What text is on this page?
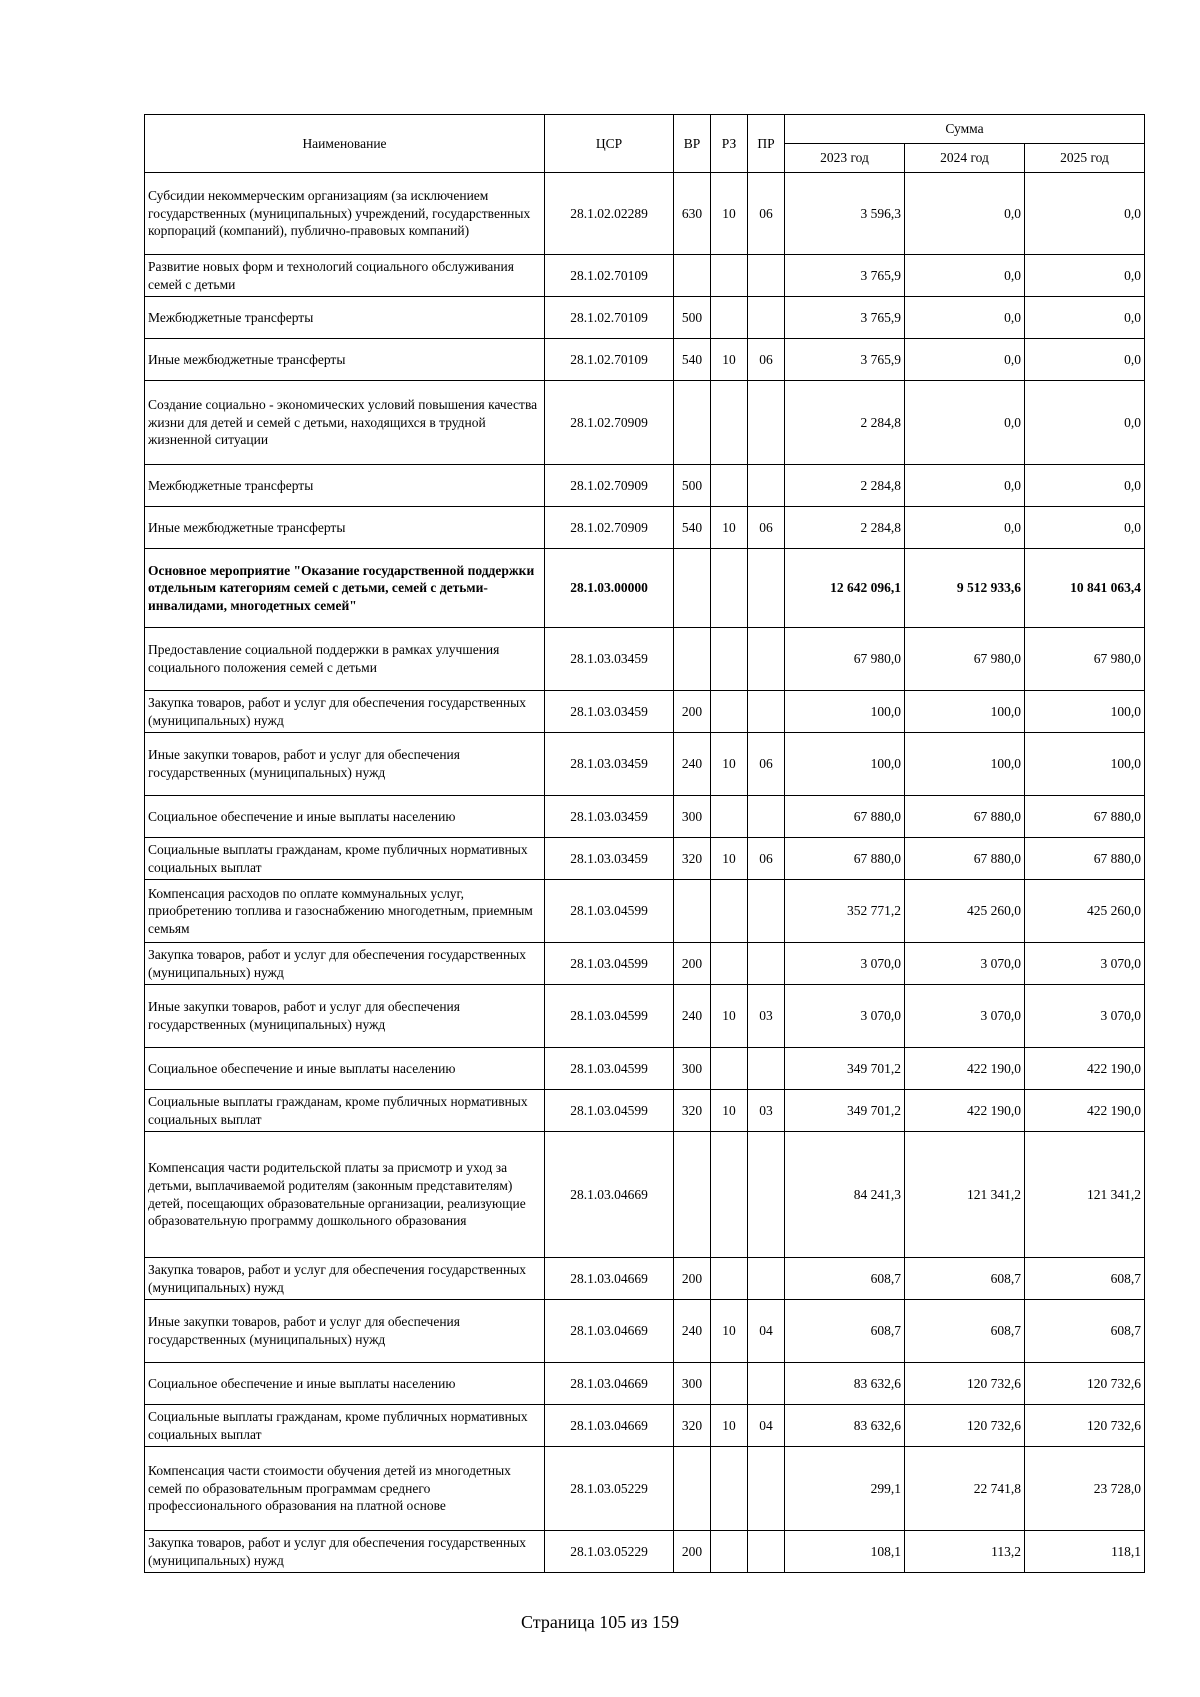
Наименование	ЦСР	ВР	РЗ	ПР	Сумма		
					2023 год	2024 год	2025 год
Субсидии некоммерческим организациям (за исключением государственных (муниципальных) учреждений, государственных корпораций (компаний), публично-правовых компаний)	28.1.02.02289	630	10	06	3 596,3	0,0	0,0
Развитие новых форм и технологий социального обслуживания семей с детьми	28.1.02.70109				3 765,9	0,0	0,0
Межбюджетные трансферты	28.1.02.70109	500			3 765,9	0,0	0,0
Иные межбюджетные трансферты	28.1.02.70109	540	10	06	3 765,9	0,0	0,0
Создание социально - экономических условий повышения качества жизни для детей и семей с детьми, находящихся в трудной жизненной ситуации	28.1.02.70909				2 284,8	0,0	0,0
Межбюджетные трансферты	28.1.02.70909	500			2 284,8	0,0	0,0
Иные межбюджетные трансферты	28.1.02.70909	540	10	06	2 284,8	0,0	0,0
Основное мероприятие "Оказание государственной поддержки отдельным категориям семей с детьми, семей с детьми-инвалидами, многодетных семей"	28.1.03.00000				12 642 096,1	9 512 933,6	10 841 063,4
Предоставление социальной поддержки в рамках улучшения социального положения семей с детьми	28.1.03.03459				67 980,0	67 980,0	67 980,0
Закупка товаров, работ и услуг для обеспечения государственных (муниципальных) нужд	28.1.03.03459	200			100,0	100,0	100,0
Иные закупки товаров, работ и услуг для обеспечения государственных (муниципальных) нужд	28.1.03.03459	240	10	06	100,0	100,0	100,0
Социальное обеспечение и иные выплаты населению	28.1.03.03459	300			67 880,0	67 880,0	67 880,0
Социальные выплаты гражданам, кроме публичных нормативных социальных выплат	28.1.03.03459	320	10	06	67 880,0	67 880,0	67 880,0
Компенсация расходов по оплате коммунальных услуг, приобретению топлива и газоснабжению многодетным, приемным семьям	28.1.03.04599				352 771,2	425 260,0	425 260,0
Закупка товаров, работ и услуг для обеспечения государственных (муниципальных) нужд	28.1.03.04599	200			3 070,0	3 070,0	3 070,0
Иные закупки товаров, работ и услуг для обеспечения государственных (муниципальных) нужд	28.1.03.04599	240	10	03	3 070,0	3 070,0	3 070,0
Социальное обеспечение и иные выплаты населению	28.1.03.04599	300			349 701,2	422 190,0	422 190,0
Социальные выплаты гражданам, кроме публичных нормативных социальных выплат	28.1.03.04599	320	10	03	349 701,2	422 190,0	422 190,0
Компенсация части родительской платы за присмотр и уход за детьми, выплачиваемой родителям (законным представителям) детей, посещающих образовательные организации, реализующие образовательную программу дошкольного образования	28.1.03.04669				84 241,3	121 341,2	121 341,2
Закупка товаров, работ и услуг для обеспечения государственных (муниципальных) нужд	28.1.03.04669	200			608,7	608,7	608,7
Иные закупки товаров, работ и услуг для обеспечения государственных (муниципальных) нужд	28.1.03.04669	240	10	04	608,7	608,7	608,7
Социальное обеспечение и иные выплаты населению	28.1.03.04669	300			83 632,6	120 732,6	120 732,6
Социальные выплаты гражданам, кроме публичных нормативных социальных выплат	28.1.03.04669	320	10	04	83 632,6	120 732,6	120 732,6
Компенсация части стоимости обучения детей из многодетных семей по образовательным программам среднего профессионального образования на платной основе	28.1.03.05229				299,1	22 741,8	23 728,0
Закупка товаров, работ и услуг для обеспечения государственных (муниципальных) нужд	28.1.03.05229	200			108,1	113,2	118,1
Страница 105 из 159
